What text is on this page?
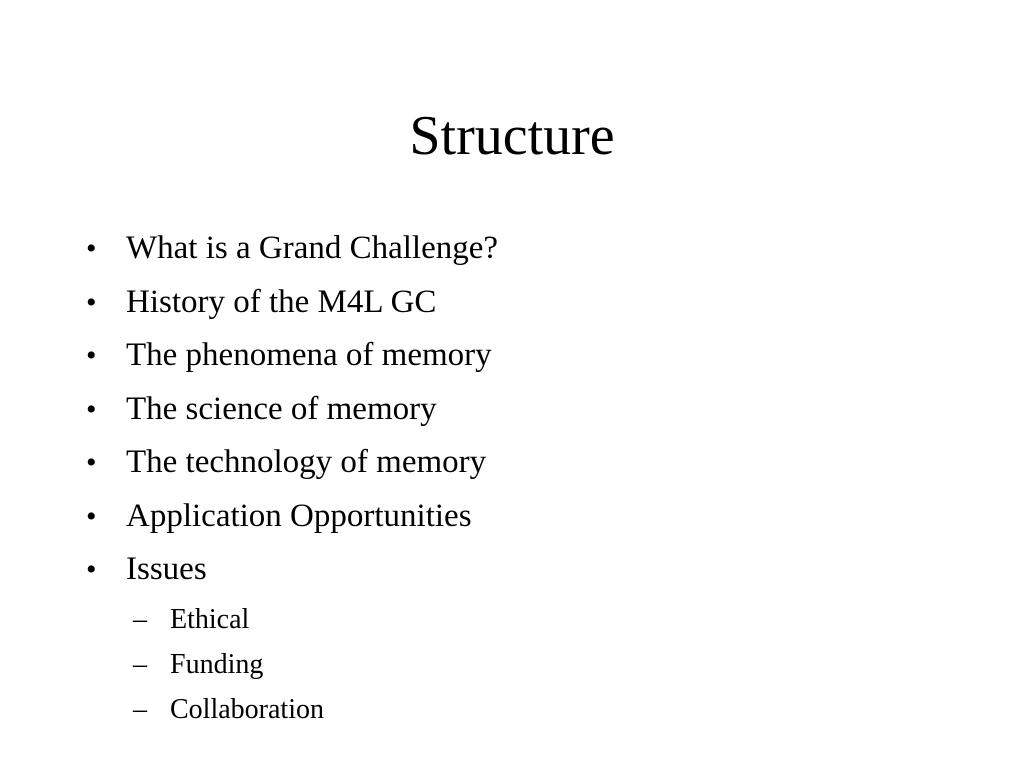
Structure
• What is a Grand Challenge?
• History of the M4L GC
• The phenomena of memory
• The science of memory
• The technology of memory
• Application Opportunities
• Issues
– Ethical
– Funding
– Collaboration
